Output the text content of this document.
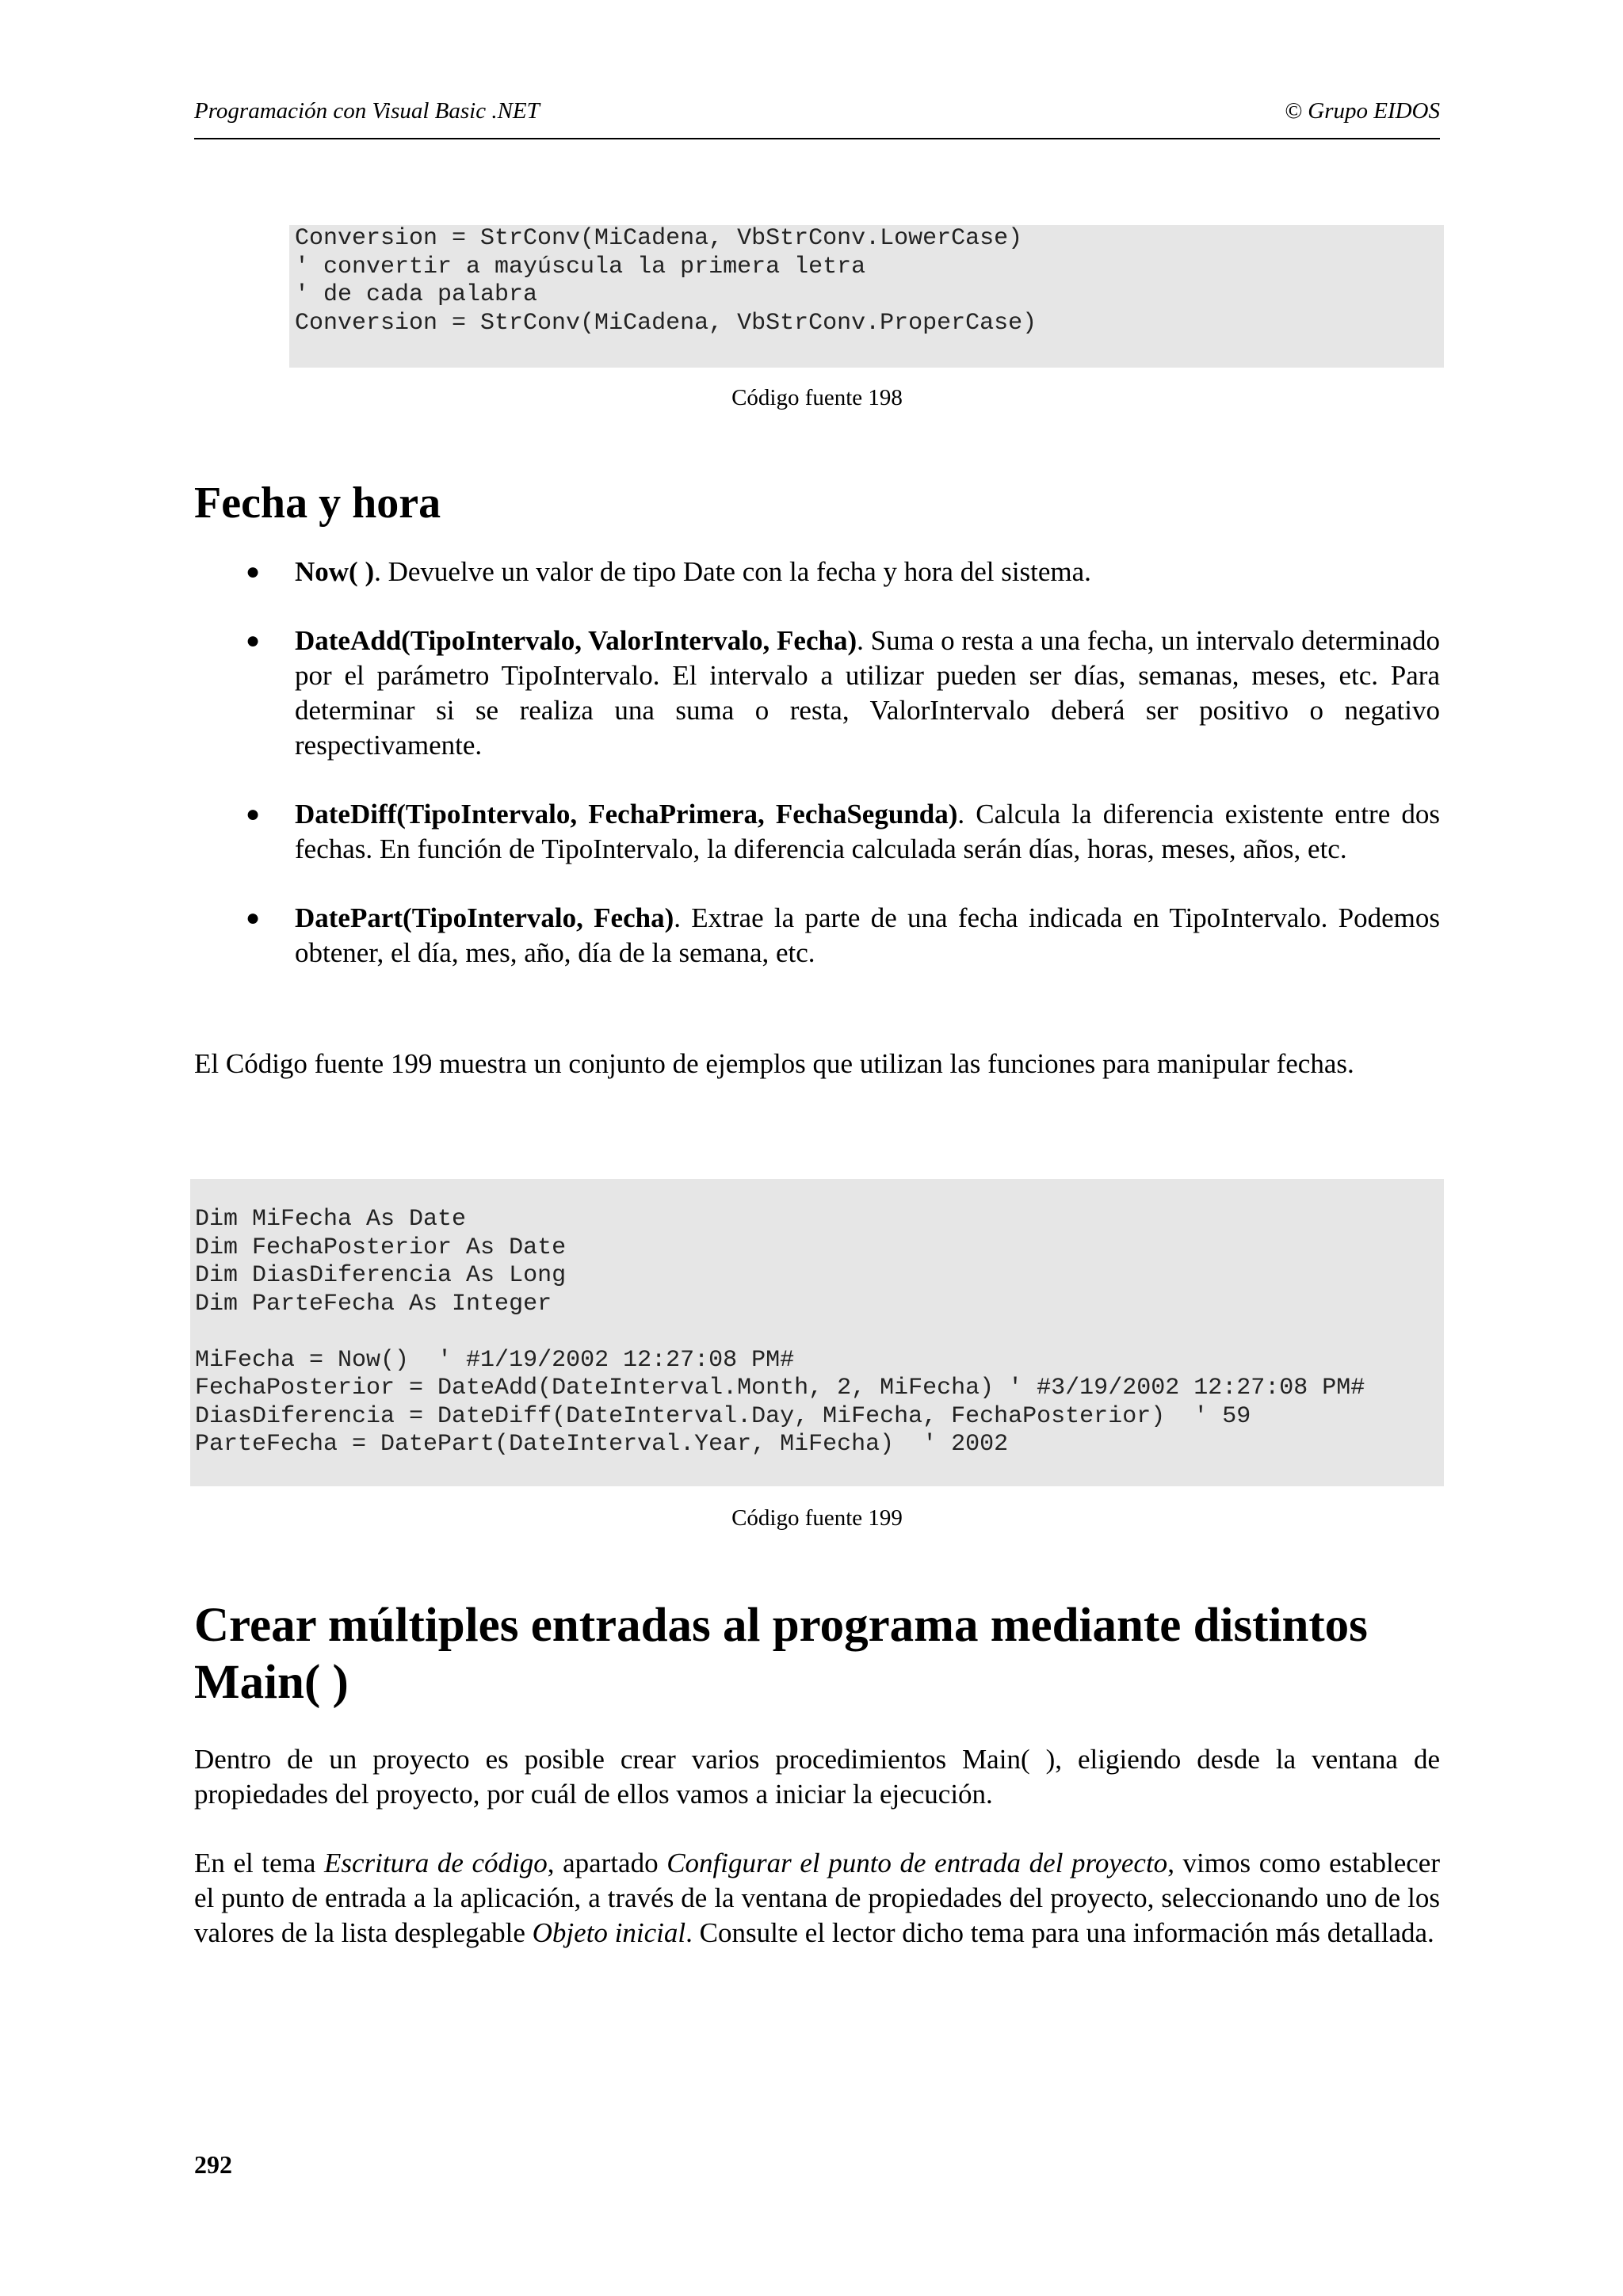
Programación con Visual Basic .NET	© Grupo EIDOS
Conversion = StrConv(MiCadena, VbStrConv.LowerCase)
' convertir a mayúscula la primera letra
' de cada palabra
Conversion = StrConv(MiCadena, VbStrConv.ProperCase)
Código fuente 198
Fecha y hora
● Now( ). Devuelve un valor de tipo Date con la fecha y hora del sistema.
● DateAdd(TipoIntervalo, ValorIntervalo, Fecha). Suma o resta a una fecha, un intervalo determinado por el parámetro TipoIntervalo. El intervalo a utilizar pueden ser días, semanas, meses, etc. Para determinar si se realiza una suma o resta, ValorIntervalo deberá ser positivo o negativo respectivamente.
● DateDiff(TipoIntervalo, FechaPrimera, FechaSegunda). Calcula la diferencia existente entre dos fechas. En función de TipoIntervalo, la diferencia calculada serán días, horas, meses, años, etc.
● DatePart(TipoIntervalo, Fecha). Extrae la parte de una fecha indicada en TipoIntervalo. Podemos obtener, el día, mes, año, día de la semana, etc.

El Código fuente 199 muestra un conjunto de ejemplos que utilizan las funciones para manipular fechas.

Dim MiFecha As Date
Dim FechaPosterior As Date
Dim DiasDiferencia As Long
Dim ParteFecha As Integer
MiFecha = Now()  ' #1/19/2002 12:27:08 PM#
FechaPosterior = DateAdd(DateInterval.Month, 2, MiFecha) ' #3/19/2002 12:27:08 PM#
DiasDiferencia = DateDiff(DateInterval.Day, MiFecha, FechaPosterior)  ' 59
ParteFecha = DatePart(DateInterval.Year, MiFecha)  ' 2002
Código fuente 199
Crear múltiples entradas al programa mediante distintos Main( )

Dentro de un proyecto es posible crear varios procedimientos Main( ), eligiendo desde la ventana de propiedades del proyecto, por cuál de ellos vamos a iniciar la ejecución.

En el tema Escritura de código, apartado Configurar el punto de entrada del proyecto, vimos como establecer el punto de entrada a la aplicación, a través de la ventana de propiedades del proyecto, seleccionando uno de los valores de la lista desplegable Objeto inicial. Consulte el lector dicho tema para una información más detallada.

292
